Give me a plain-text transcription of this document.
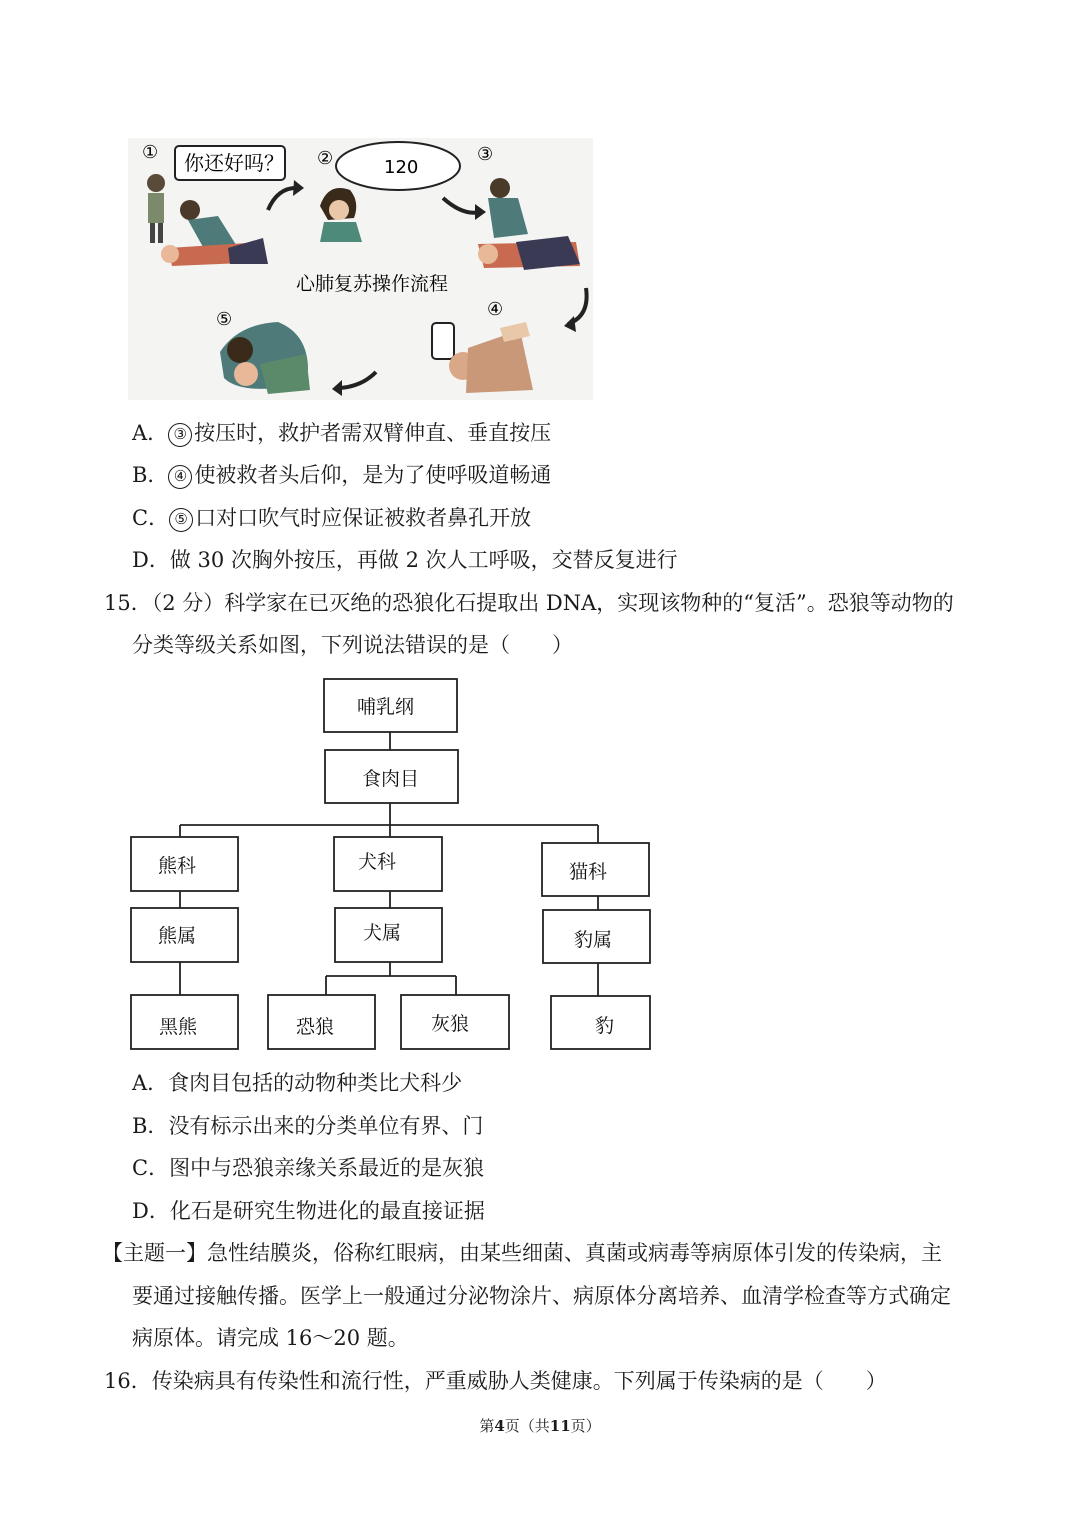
①	②	③
④
⑤
你还好吗？	120
心肺复苏操作流程
A． ③ 按压时，救护者需双臂伸直、垂直按压
B． ④ 使被救者头后仰，是为了使呼吸道畅通
C． ⑤ 口对口吹气时应保证被救者鼻孔开放
D．做 30 次胸外按压，再做 2 次人工呼吸，交替反复进行
15．（2 分）科学家在已灭绝的恐狼化石提取出 DNA，实现该物种的“复活”。恐狼等动物的
分类等级关系如图，下列说法错误的是（　　）
哺乳纲
食肉目
熊科	犬科	猫科
熊属	犬属	豹属
黑熊	恐狼	灰狼	豹
A．食肉目包括的动物种类比犬科少
B．没有标示出来的分类单位有界、门
C．图中与恐狼亲缘关系最近的是灰狼
D．化石是研究生物进化的最直接证据
【主题一】急性结膜炎，俗称红眼病，由某些细菌、真菌或病毒等病原体引发的传染病，主
要通过接触传播。医学上一般通过分泌物涂片、病原体分离培养、血清学检查等方式确定
病原体。请完成 16～20 题。
16．传染病具有传染性和流行性，严重威胁人类健康。下列属于传染病的是（　　）
第4页（共11页）
